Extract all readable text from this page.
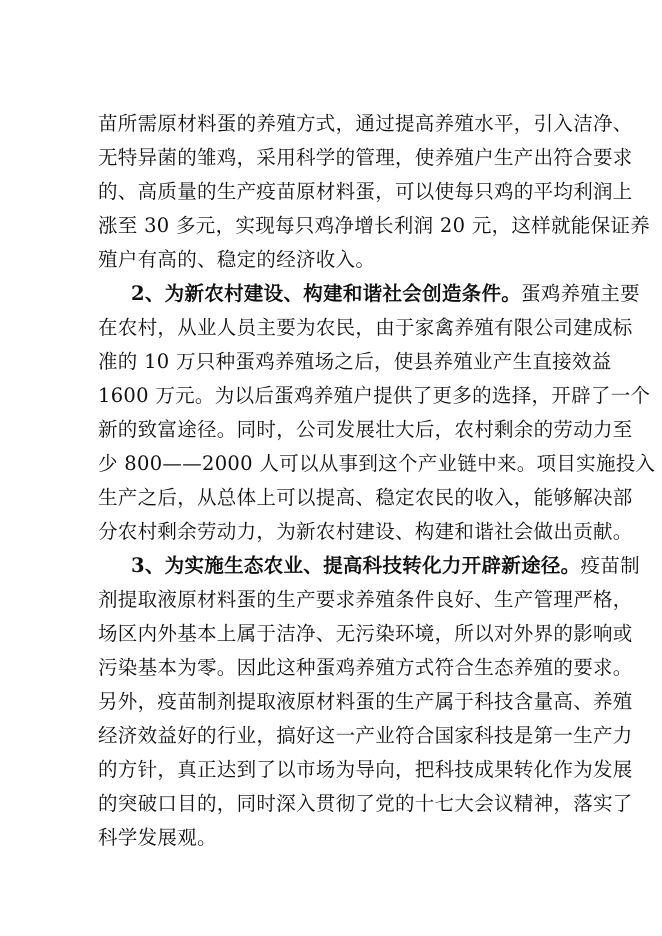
苗所需原材料蛋的养殖方式，通过提高养殖水平，引入洁净、
无特异菌的雏鸡，采用科学的管理，使养殖户生产出符合要求
的、高质量的生产疫苗原材料蛋，可以使每只鸡的平均利润上
涨至 30 多元，实现每只鸡净增长利润 20 元，这样就能保证养
殖户有高的、稳定的经济收入。
2、为新农村建设、构建和谐社会创造条件。蛋鸡养殖主要
在农村，从业人员主要为农民，由于家禽养殖有限公司建成标
准的 10 万只种蛋鸡养殖场之后，使县养殖业产生直接效益
1600 万元。为以后蛋鸡养殖户提供了更多的选择，开辟了一个
新的致富途径。同时，公司发展壮大后，农村剩余的劳动力至
少 800——2000 人可以从事到这个产业链中来。项目实施投入
生产之后，从总体上可以提高、稳定农民的收入，能够解决部
分农村剩余劳动力，为新农村建设、构建和谐社会做出贡献。
3、为实施生态农业、提高科技转化力开辟新途径。疫苗制
剂提取液原材料蛋的生产要求养殖条件良好、生产管理严格，
场区内外基本上属于洁净、无污染环境，所以对外界的影响或
污染基本为零。因此这种蛋鸡养殖方式符合生态养殖的要求。
另外，疫苗制剂提取液原材料蛋的生产属于科技含量高、养殖
经济效益好的行业，搞好这一产业符合国家科技是第一生产力
的方针，真正达到了以市场为导向，把科技成果转化作为发展
的突破口目的，同时深入贯彻了党的十七大会议精神，落实了
科学发展观。
